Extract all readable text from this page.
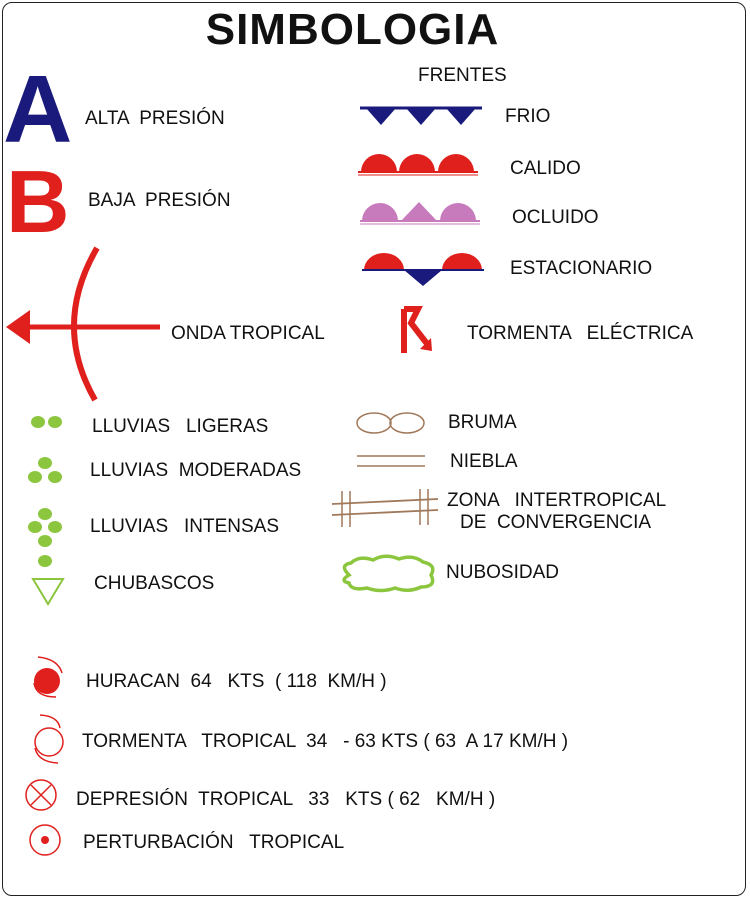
SIMBOLOGIA
A ALTA  PRESIÓN
B BAJA  PRESIÓN
ONDA TROPICAL
FRENTES
FRIO
CALIDO
OCLUIDO
ESTACIONARIO
TORMENTA   ELÉCTRICA
LLUVIAS   LIGERAS
LLUVIAS  MODERADAS
LLUVIAS   INTENSAS
CHUBASCOS
BRUMA
NIEBLA
ZONA   INTERTROPICAL
DE  CONVERGENCIA
NUBOSIDAD
HURACAN  64   KTS  ( 118  KM/H )
TORMENTA   TROPICAL  34   - 63 KTS ( 63  A 17 KM/H )
DEPRESIÓN  TROPICAL   33   KTS ( 62   KM/H )
PERTURBACIÓN   TROPICAL
